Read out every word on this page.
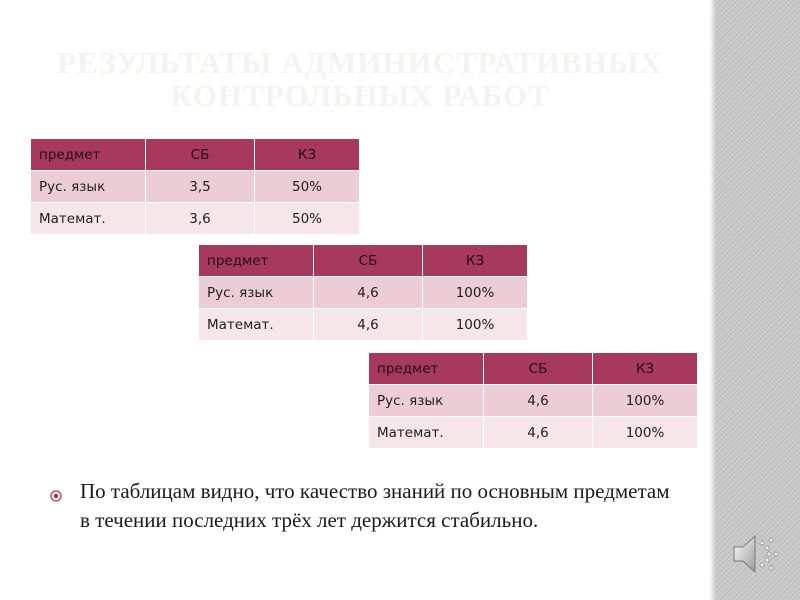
РЕЗУЛЬТАТЫ АДМИНИСТРАТИВНЫХ КОНТРОЛЬНЫХ РАБОТ
предмет	СБ	КЗ
Рус. язык	3,5	50%
Математ.	3,6	50%
предмет	СБ	КЗ
Рус. язык	4,6	100%
Математ.	4,6	100%
предмет	СБ	КЗ
Рус. язык	4,6	100%
Математ.	4,6	100%

По таблицам видно, что качество знаний по основным предметам в течении последних трёх лет держится стабильно.
